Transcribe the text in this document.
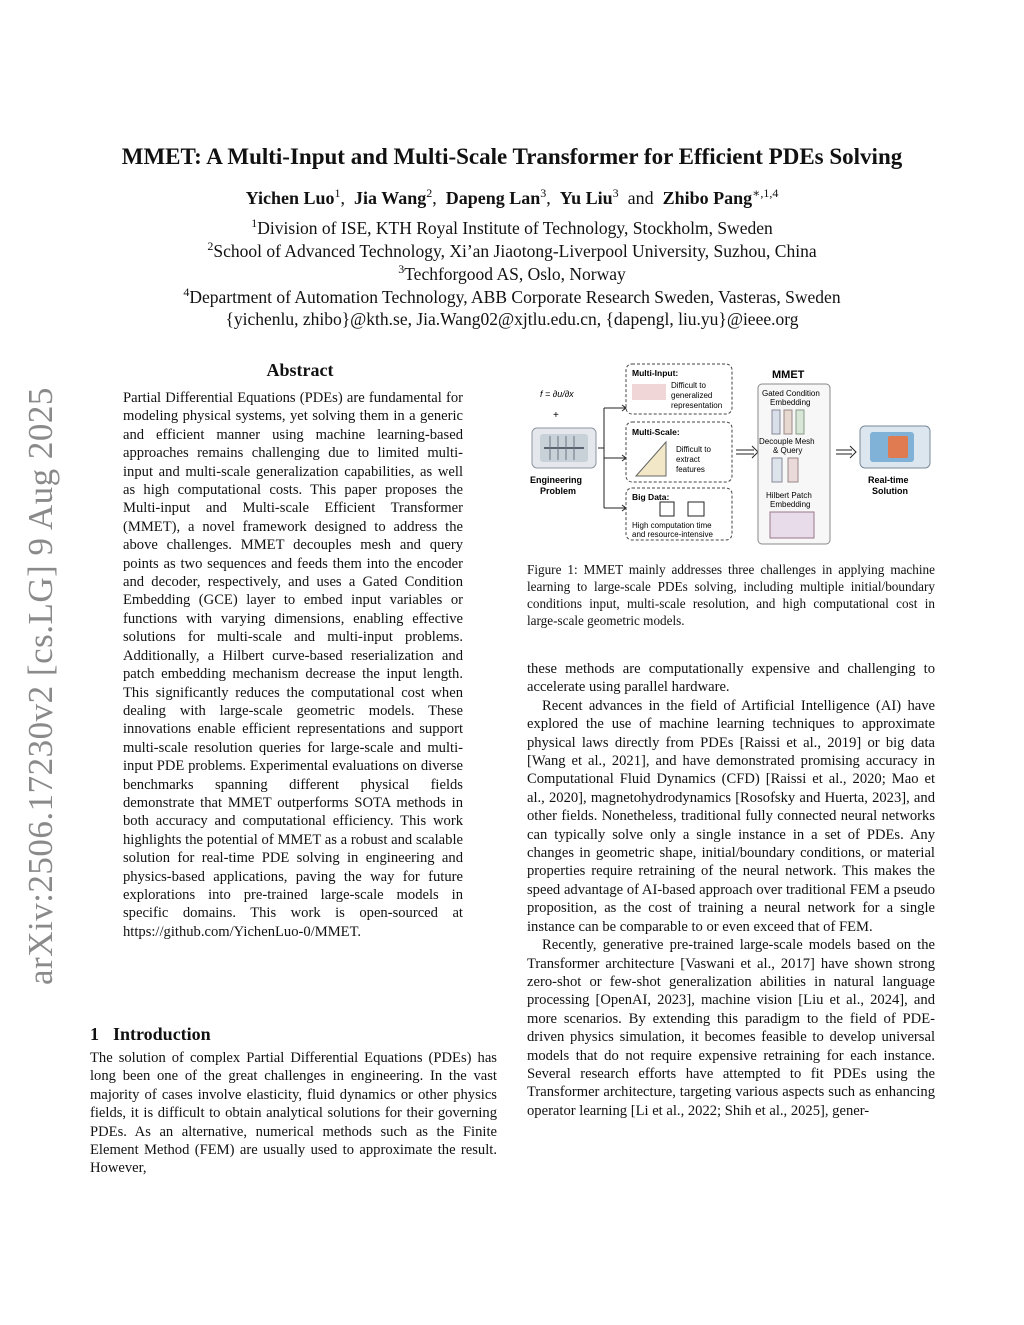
arXiv:2506.17230v2 [cs.LG] 9 Aug 2025
MMET: A Multi-Input and Multi-Scale Transformer for Efficient PDEs Solving
Yichen Luo$^1$,  Jia Wang$^2$,  Dapeng Lan$^3$,  Yu Liu$^3$ and Zhibo Pang$^{∗,1,4}$
$^1$Division of ISE, KTH Royal Institute of Technology, Stockholm, Sweden
$^2$School of Advanced Technology, Xi’an Jiaotong-Liverpool University, Suzhou, China
$^3$Techforgood AS, Oslo, Norway
$^4$Department of Automation Technology, ABB Corporate Research Sweden, Vasteras, Sweden
{yichenlu, zhibo}@kth.se, Jia.Wang02@xjtlu.edu.cn, {dapengl, liu.yu}@ieee.org
Abstract

Partial Differential Equations (PDEs) are fundamental for modeling physical systems, yet solving them in a generic and efficient manner using machine learning-based approaches remains challenging due to limited multi-input and multi-scale generalization capabilities, as well as high computational costs. This paper proposes the Multi-input and Multi-scale Efficient Transformer (MMET), a novel framework designed to address the above challenges. MMET decouples mesh and query points as two sequences and feeds them into the encoder and decoder, respectively, and uses a Gated Condition Embedding (GCE) layer to embed input variables or functions with varying dimensions, enabling effective solutions for multi-scale and multi-input problems. Additionally, a Hilbert curve-based reserialization and patch embedding mechanism decrease the input length. This significantly reduces the computational cost when dealing with large-scale geometric models. These innovations enable efficient representations and support multi-scale resolution queries for large-scale and multi-input PDE problems. Experimental evaluations on diverse benchmarks spanning different physical fields demonstrate that MMET outperforms SOTA methods in both accuracy and computational efficiency. This work highlights the potential of MMET as a robust and scalable solution for real-time PDE solving in engineering and physics-based applications, paving the way for future explorations into pre-trained large-scale models in specific domains. This work is open-sourced at https://github.com/YichenLuo-0/MMET.

1 Introduction

The solution of complex Partial Differential Equations (PDEs) has long been one of the great challenges in engineering. In the vast majority of cases involve elasticity, fluid dynamics or other physics fields, it is difficult to obtain analytical solutions for their governing PDEs. As an alternative, numerical methods such as the Finite Element Method (FEM) are usually used to approximate the result. However,

f = ∂u/∂x
+
Engineering
Problem
Multi-Input:
Difficult to
generalized
representation
Multi-Scale:
Difficult to
extract
features
Big Data:
High computation time
and resource-intensive
MMET
Gated Condition
Embedding
Decouple Mesh
& Query
Hilbert Patch
Embedding
Real-time
Solution
Figure 1: MMET mainly addresses three challenges in applying machine learning to large-scale PDEs solving, including multiple initial/boundary conditions input, multi-scale resolution, and high computational cost in large-scale geometric models.

these methods are computationally expensive and challenging to accelerate using parallel hardware.

Recent advances in the field of Artificial Intelligence (AI) have explored the use of machine learning techniques to approximate physical laws directly from PDEs [Raissi et al., 2019] or big data [Wang et al., 2021], and have demonstrated promising accuracy in Computational Fluid Dynamics (CFD) [Raissi et al., 2020; Mao et al., 2020], magnetohydrodynamics [Rosofsky and Huerta, 2023], and other fields. Nonetheless, traditional fully connected neural networks can typically solve only a single instance in a set of PDEs. Any changes in geometric shape, initial/boundary conditions, or material properties require retraining of the neural network. This makes the speed advantage of AI-based approach over traditional FEM a pseudo proposition, as the cost of training a neural network for a single instance can be comparable to or even exceed that of FEM.

Recently, generative pre-trained large-scale models based on the Transformer architecture [Vaswani et al., 2017] have shown strong zero-shot or few-shot generalization abilities in natural language processing [OpenAI, 2023], machine vision [Liu et al., 2024], and more scenarios. By extending this paradigm to the field of PDE-driven physics simulation, it becomes feasible to develop universal models that do not require expensive retraining for each instance. Several research efforts have attempted to fit PDEs using the Transformer architecture, targeting various aspects such as enhancing operator learning [Li et al., 2022; Shih et al., 2025], gener-
